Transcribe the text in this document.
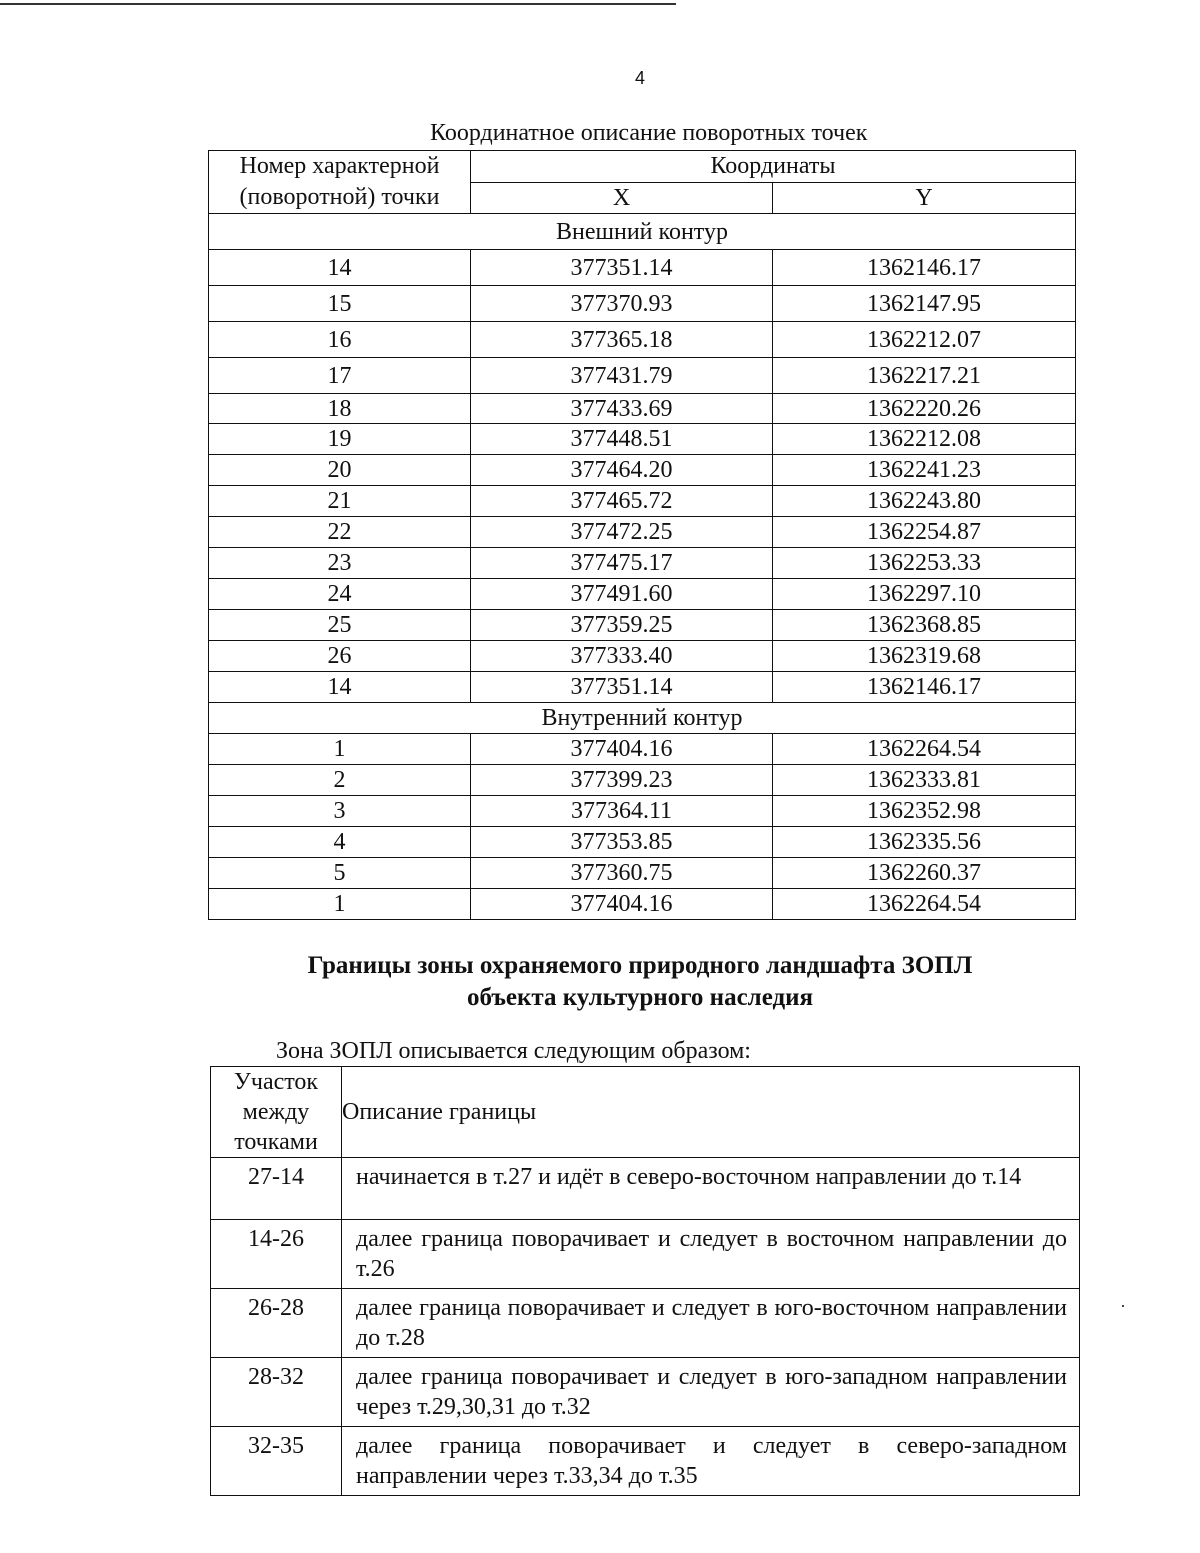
4
Координатное описание поворотных точек
Номер характерной
(поворотной) точки	Координаты	
	X	Y
Внешний контур		
14	377351.14	1362146.17
15	377370.93	1362147.95
16	377365.18	1362212.07
17	377431.79	1362217.21
18	377433.69	1362220.26
19	377448.51	1362212.08
20	377464.20	1362241.23
21	377465.72	1362243.80
22	377472.25	1362254.87
23	377475.17	1362253.33
24	377491.60	1362297.10
25	377359.25	1362368.85
26	377333.40	1362319.68
14	377351.14	1362146.17
Внутренний контур		
1	377404.16	1362264.54
2	377399.23	1362333.81
3	377364.11	1362352.98
4	377353.85	1362335.56
5	377360.75	1362260.37
1	377404.16	1362264.54
Границы зоны охраняемого природного ландшафта ЗОПЛ
объекта культурного наследия
Зона ЗОПЛ описывается следующим образом:
Участок
между
точками	Описание границы
27-14	начинается в т.27 и идёт в северо-восточном направлении до т.14
14-26	далее граница поворачивает и следует в восточном направлении до т.26
26-28	далее граница поворачивает и следует в юго-восточном направлении до т.28
28-32	далее граница поворачивает и следует в юго-западном направлении через т.29,30,31 до т.32
32-35	далее граница поворачивает и следует в северо-западном направлении через т.33,34 до т.35
